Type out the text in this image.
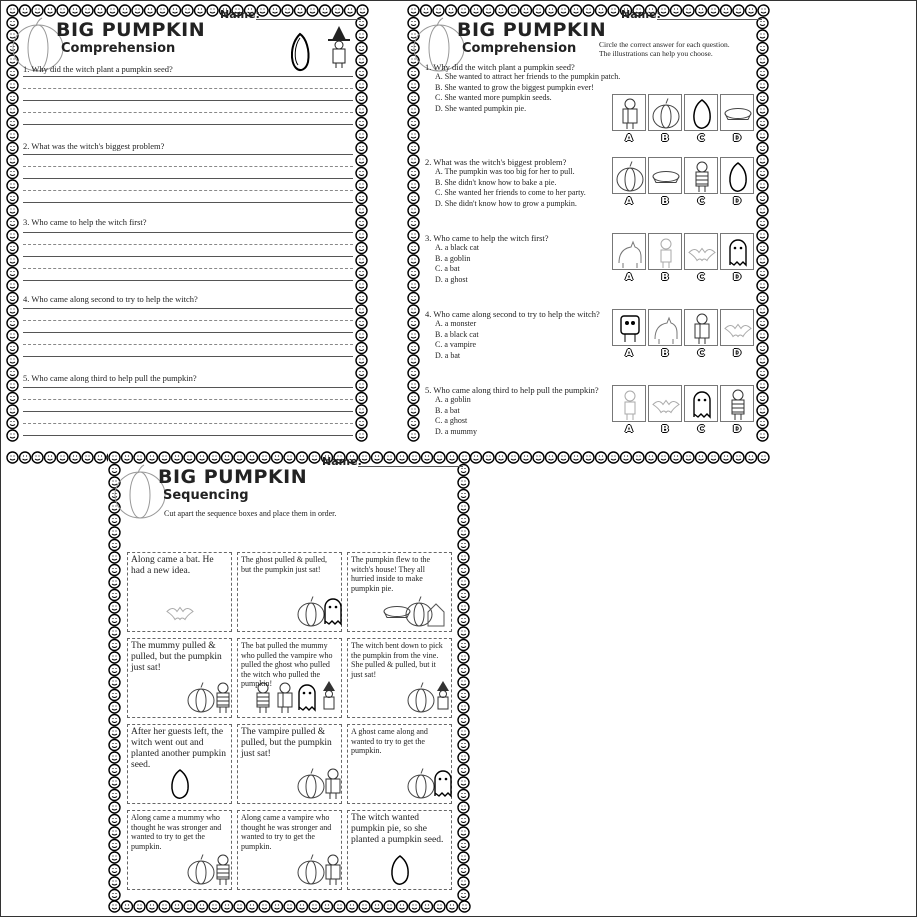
BIG PUMPKIN
Comprehension
Name:
1. Why did the witch plant a pumpkin seed?
2. What was the witch's biggest problem?
3. Who came to help the witch first?
4. Who came along second to try to help the witch?
5. Who came along third to help pull the pumpkin?
BIG PUMPKIN
Comprehension
Name:
Circle the correct answer for each question.
The illustrations can help you choose.
1. Why did the witch plant a pumpkin seed?
A. She wanted to attract her friends to the pumpkin patch.
B. She wanted to grow the biggest pumpkin ever!
C. She wanted more pumpkin seeds.
D. She wanted pumpkin pie.
A	B	C	D
2. What was the witch's biggest problem?
A. The pumpkin was too big for her to pull.
B. She didn't know how to bake a pie.
C. She wanted her friends to come to her party.
D. She didn't know how to grow a pumpkin.	A	B	C	D
3. Who came to help the witch first?
A. a black cat
B. a goblin
C. a bat
D. a ghost	A	B	C	D
4. Who came along second to try to help the witch?
A. a monster
B. a black cat
C. a vampire
D. a bat	A	B	C	D
5. Who came along third to help pull the pumpkin?
A. a goblin
B. a bat
C. a ghost
D. a mummy	A	B	C	D
BIG PUMPKIN
Sequencing
Name:
Cut apart the sequence boxes and place them in order.
Along came a bat. He had a new idea.
The ghost pulled & pulled, but the pumpkin just sat!
The pumpkin flew to the witch's house! They all hurried inside to make pumpkin pie.
The mummy pulled & pulled, but the pumpkin just sat!
The bat pulled the mummy who pulled the vampire who pulled the ghost who pulled the witch who pulled the pumpkin!
The witch bent down to pick the pumpkin from the vine. She pulled & pulled, but it just sat!
After her guests left, the witch went out and planted another pumpkin seed.
The vampire pulled & pulled, but the pumpkin just sat!
A ghost came along and wanted to try to get the pumpkin.
Along came a mummy who thought he was stronger and wanted to try to get the pumpkin.
Along came a vampire who thought he was stronger and wanted to try to get the pumpkin.
The witch wanted pumpkin pie, so she planted a pumpkin seed.
